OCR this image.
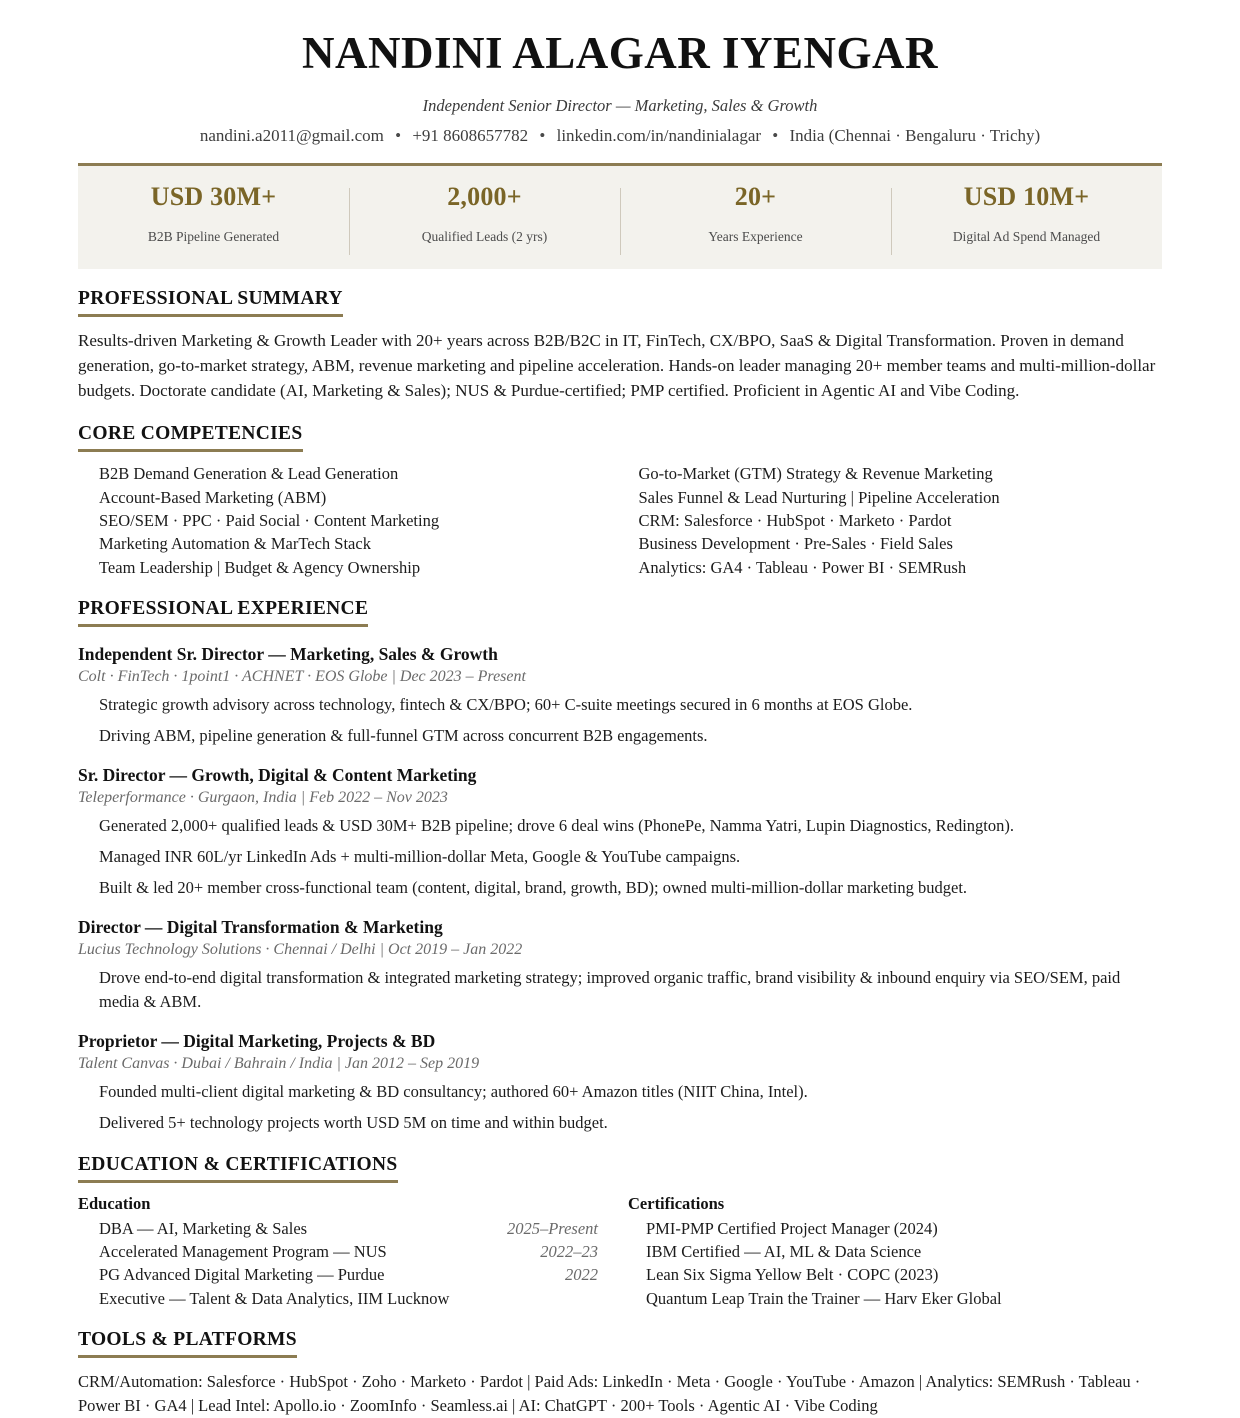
NANDINI ALAGAR IYENGAR
Independent Senior Director — Marketing, Sales & Growth
nandini.a2011@gmail.com • +91 8608657782 • linkedin.com/in/nandinialagar • India (Chennai · Bengaluru · Trichy)
USD 30M+
B2B Pipeline Generated
2,000+
Qualified Leads (2 yrs)
20+
Years Experience
USD 10M+
Digital Ad Spend Managed
PROFESSIONAL SUMMARY
Results-driven Marketing & Growth Leader with 20+ years across B2B/B2C in IT, FinTech, CX/BPO, SaaS & Digital Transformation. Proven in demand generation, go-to-market strategy, ABM, revenue marketing and pipeline acceleration. Hands-on leader managing 20+ member teams and multi-million-dollar budgets. Doctorate candidate (AI, Marketing & Sales); NUS & Purdue-certified; PMP certified. Proficient in Agentic AI and Vibe Coding.
CORE COMPETENCIES
B2B Demand Generation & Lead Generation
Account-Based Marketing (ABM)
SEO/SEM · PPC · Paid Social · Content Marketing
Marketing Automation & MarTech Stack
Team Leadership | Budget & Agency Ownership
Go-to-Market (GTM) Strategy & Revenue Marketing
Sales Funnel & Lead Nurturing | Pipeline Acceleration
CRM: Salesforce · HubSpot · Marketo · Pardot
Business Development · Pre-Sales · Field Sales
Analytics: GA4 · Tableau · Power BI · SEMRush
PROFESSIONAL EXPERIENCE
Independent Sr. Director — Marketing, Sales & Growth
Colt · FinTech · 1point1 · ACHNET · EOS Globe | Dec 2023 – Present
Strategic growth advisory across technology, fintech & CX/BPO; 60+ C-suite meetings secured in 6 months at EOS Globe.
Driving ABM, pipeline generation & full-funnel GTM across concurrent B2B engagements.
Sr. Director — Growth, Digital & Content Marketing
Teleperformance · Gurgaon, India | Feb 2022 – Nov 2023
Generated 2,000+ qualified leads & USD 30M+ B2B pipeline; drove 6 deal wins (PhonePe, Namma Yatri, Lupin Diagnostics, Redington).
Managed INR 60L/yr LinkedIn Ads + multi-million-dollar Meta, Google & YouTube campaigns.
Built & led 20+ member cross-functional team (content, digital, brand, growth, BD); owned multi-million-dollar marketing budget.
Director — Digital Transformation & Marketing
Lucius Technology Solutions · Chennai / Delhi | Oct 2019 – Jan 2022
Drove end-to-end digital transformation & integrated marketing strategy; improved organic traffic, brand visibility & inbound enquiry via SEO/SEM, paid media & ABM.
Proprietor — Digital Marketing, Projects & BD
Talent Canvas · Dubai / Bahrain / India | Jan 2012 – Sep 2019
Founded multi-client digital marketing & BD consultancy; authored 60+ Amazon titles (NIIT China, Intel).
Delivered 5+ technology projects worth USD 5M on time and within budget.
EDUCATION & CERTIFICATIONS
Education
DBA — AI, Marketing & Sales	2025–Present
Accelerated Management Program — NUS	2022–23
PG Advanced Digital Marketing — Purdue	2022
Executive — Talent & Data Analytics, IIM Lucknow
Certifications
PMI-PMP Certified Project Manager (2024)
IBM Certified — AI, ML & Data Science
Lean Six Sigma Yellow Belt · COPC (2023)
Quantum Leap Train the Trainer — Harv Eker Global
TOOLS & PLATFORMS
CRM/Automation: Salesforce · HubSpot · Zoho · Marketo · Pardot | Paid Ads: LinkedIn · Meta · Google · YouTube · Amazon | Analytics: SEMRush · Tableau · Power BI · GA4 | Lead Intel: Apollo.io · ZoomInfo · Seamless.ai | AI: ChatGPT · 200+ Tools · Agentic AI · Vibe Coding
